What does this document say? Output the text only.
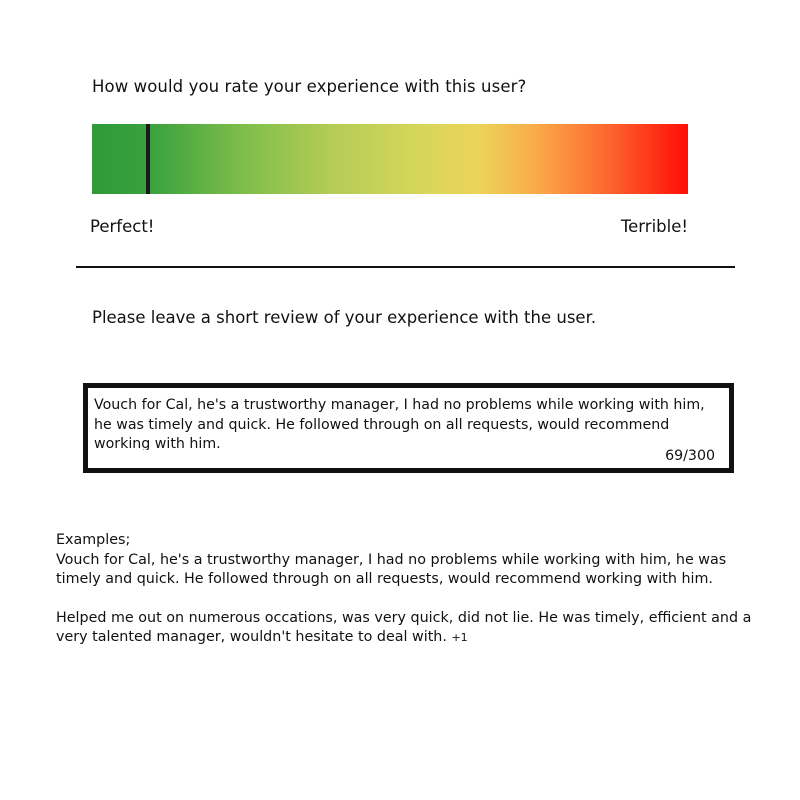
How would you rate your experience with this user?
Perfect!	Terrible!
Please leave a short review of your experience with the user.
Vouch for Cal, he's a trustworthy manager, I had no problems while working with him, he was timely and quick. He followed through on all requests, would recommend working with him.
69/300

Examples;

Vouch for Cal, he's a trustworthy manager, I had no problems while working with him, he was timely and quick. He followed through on all requests, would recommend working with him.

Helped me out on numerous occations, was very quick, did not lie. He was timely, efficient and a very talented manager, wouldn't hesitate to deal with. +1
